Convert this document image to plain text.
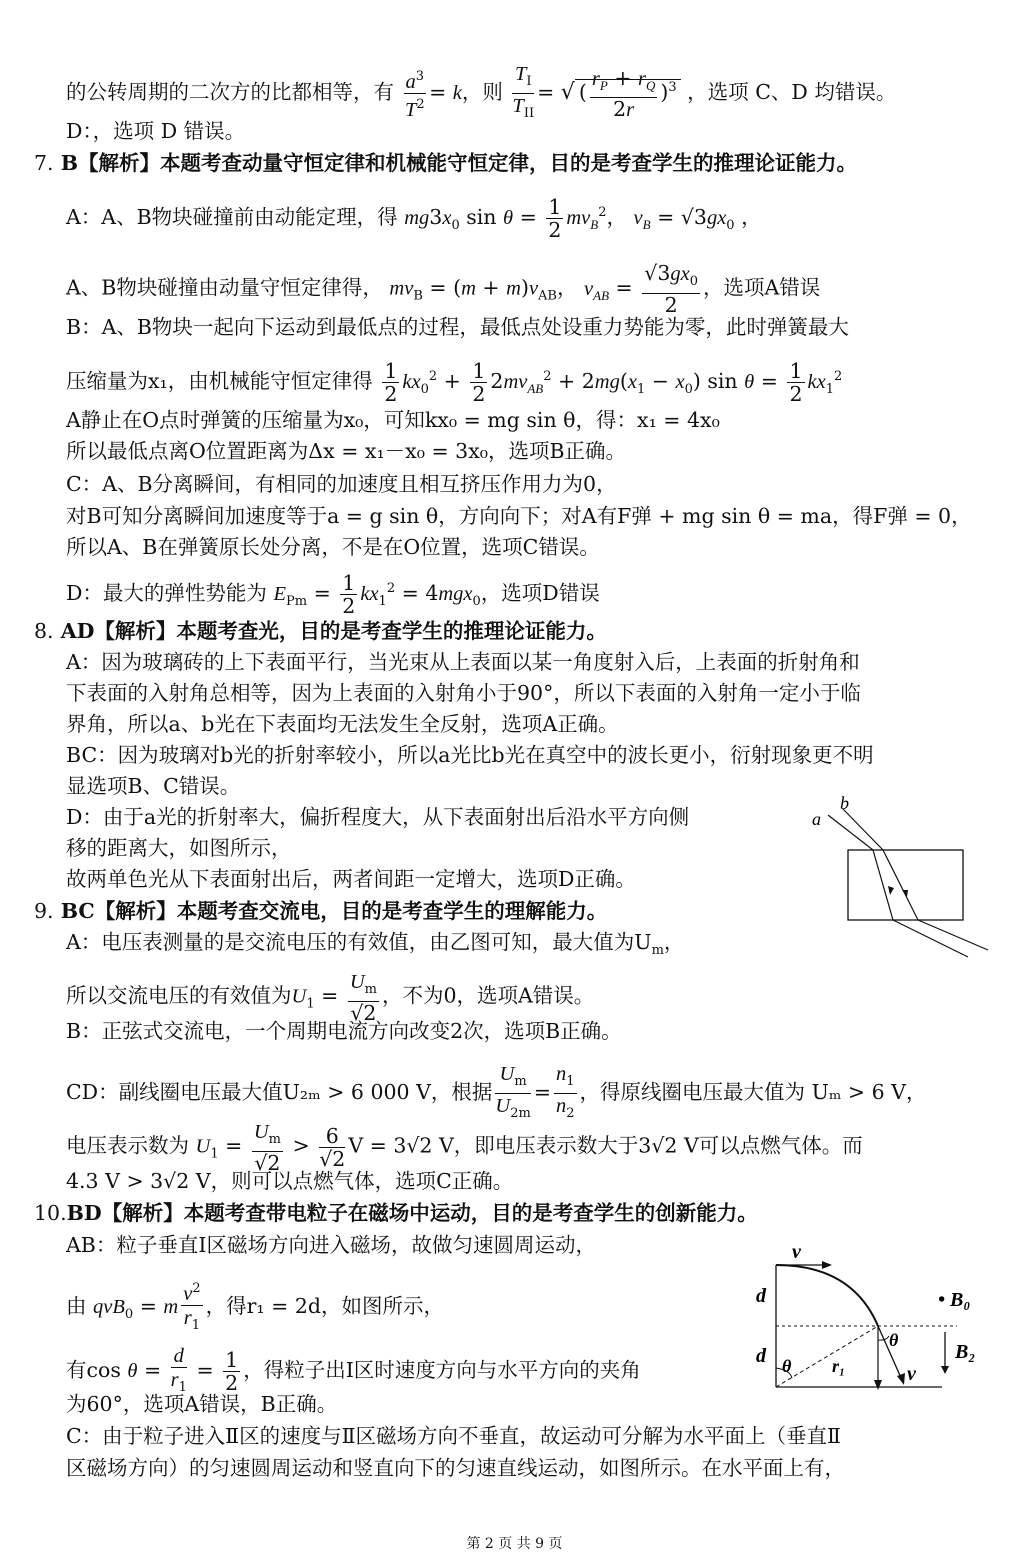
的公转周期的二次方的比都相等，有 $\frac{a^3}{T^2} = k$，则 $\frac{T_I}{T_{II}}$ = √ ( $\frac{r_P + r_Q}{2r} )^3$ ，选项 C、D 均错误。
D：，选项 D 错误。
7. B【解析】本题考查动量守恒定律和机械能守恒定律，目的是考查学生的推理论证能力。
A：A、B物块碰撞前由动能定理，得 $mg3x_0$ $\sin \theta = \frac{1}{2} mv_B^2$， $v_B = √3gx_0$ ，
A、B物块碰撞由动量守恒定律得， $mv_B = (m + m)v_{AB}$， $v_{AB} = \frac{√3gx_0}{2}$ ，选项A错误
B：A、B物块一起向下运动到最低点的过程，最低点处设重力势能为零，此时弹簧最大
压缩量为x₁，由机械能守恒定律得 $\frac{1}{2} kx_0^2 + \frac{1}{2} 2mv_{AB}^2 + 2mg(x_1 - x_0)$ $\sin \theta = \frac{1}{2} kx_1^2$
A静止在O点时弹簧的压缩量为x₀，可知kx₀ = mg sin θ，得：x₁ = 4x₀
所以最低点离O位置距离为Δx = x₁－x₀ = 3x₀，选项B正确。
C：A、B分离瞬间，有相同的加速度且相互挤压作用力为0，
对B可知分离瞬间加速度等于a = g sin θ，方向向下；对A有F弹 + mg sin θ = ma，得F弹 = 0，
所以A、B在弹簧原长处分离，不是在O位置，选项C错误。
D：最大的弹性势能为 $E_{Pm} = \frac{1}{2} kx_1^2 = 4mgx_0$，选项D错误
8. AD【解析】本题考查光，目的是考查学生的推理论证能力。
A：因为玻璃砖的上下表面平行，当光束从上表面以某一角度射入后，上表面的折射角和
下表面的入射角总相等，因为上表面的入射角小于90°，所以下表面的入射角一定小于临
界角，所以a、b光在下表面均无法发生全反射，选项A正确。
BC：因为玻璃对b光的折射率较小，所以a光比b光在真空中的波长更小，衍射现象更不明
显选项B、C错误。
D：由于a光的折射率大，偏折程度大，从下表面射出后沿水平方向侧
移的距离大，如图所示，
故两单色光从下表面射出后，两者间距一定增大，选项D正确。
a
b
9. BC【解析】本题考查交流电，目的是考查学生的理解能力。
A：电压表测量的是交流电压的有效值，由乙图可知，最大值为$U_m$，
所以交流电压的有效值为$U_1 = \frac{U_m}{√2}$ ，不为0，选项A错误。
B：正弦式交流电，一个周期电流方向改变2次，选项B正确。
CD：副线圈电压最大值U₂ₘ > 6 000 V，根据 $\frac{U_m}{U_{2m}} = \frac{n_1}{n_2}$ ，得原线圈电压最大值为 Uₘ > 6 V，
电压表示数为 $U_1 = \frac{U_m}{√2} > \frac{6}{√2}$ V = 3√2 V，即电压表示数大于3√2 V可以点燃气体。而
4.3 V > 3√2 V，则可以点燃气体，选项C正确。
10.BD【解析】本题考查带电粒子在磁场中运动，目的是考查学生的创新能力。
AB：粒子垂直Ⅰ区磁场方向进入磁场，故做匀速圆周运动，
由 qvB$_0$ = m $\frac{v^2}{r_1}$ ，得r₁ = 2d，如图所示，
有$\cos \theta = \frac{d}{r_1} = \frac{1}{2}$ ，得粒子出Ⅰ区时速度方向与水平方向的夹角
为60°，选项A错误，B正确。
C：由于粒子进入Ⅱ区的速度与Ⅱ区磁场方向不垂直，故运动可分解为水平面上（垂直Ⅱ
区磁场方向）的匀速圆周运动和竖直向下的匀速直线运动，如图所示。在水平面上有，
v
d
d
• B₀
B₂
θ
θ
r₁	v
第 2 页 共 9 页
